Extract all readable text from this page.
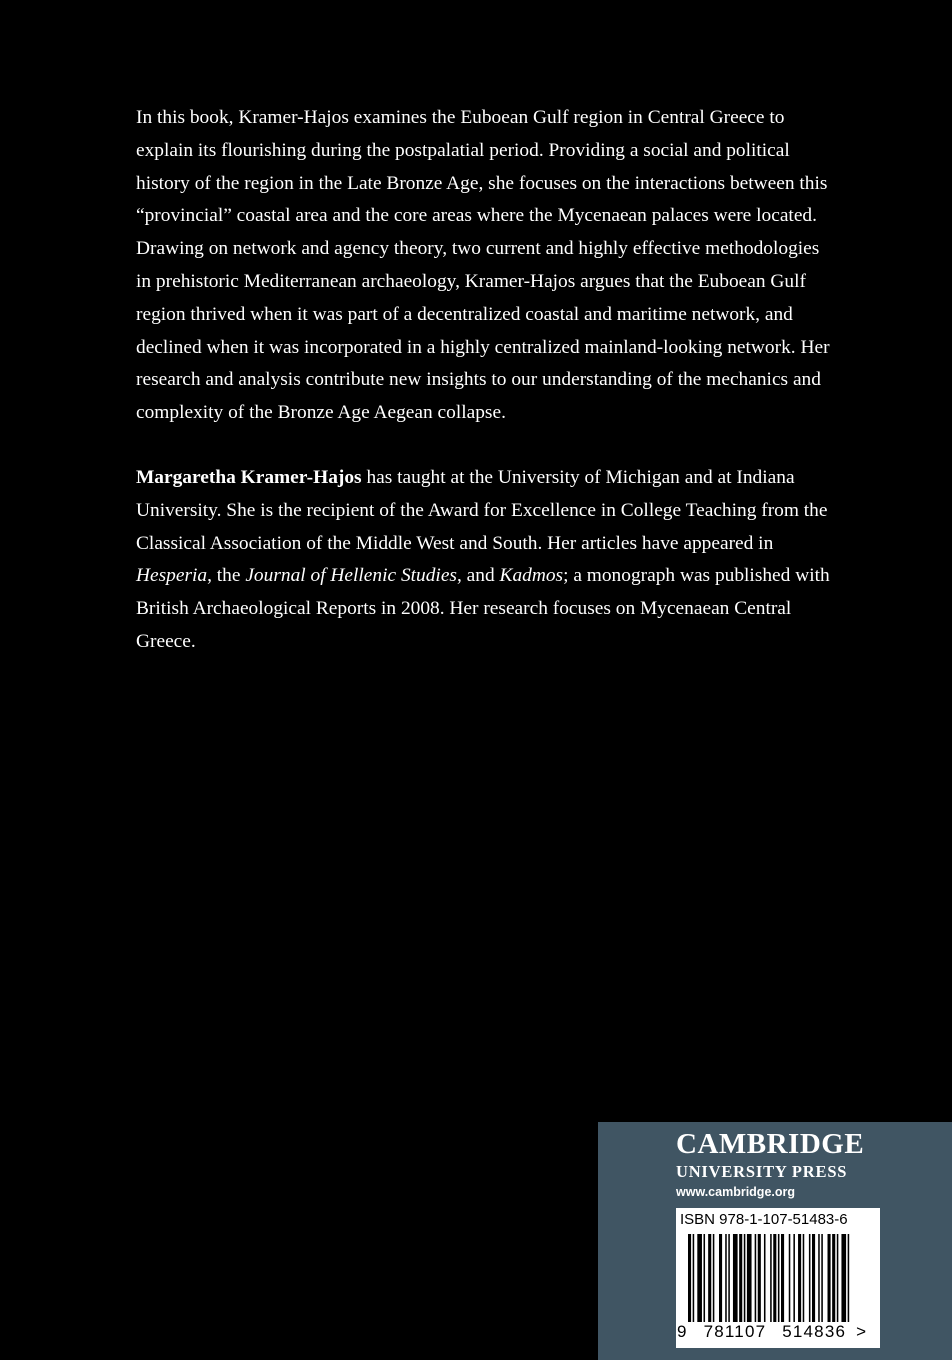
In this book, Kramer-Hajos examines the Euboean Gulf region in Central Greece to explain its flourishing during the postpalatial period. Providing a social and political history of the region in the Late Bronze Age, she focuses on the interactions between this “provincial” coastal area and the core areas where the Mycenaean palaces were located. Drawing on network and agency theory, two current and highly effective methodologies in prehistoric Mediterranean archaeology, Kramer-Hajos argues that the Euboean Gulf region thrived when it was part of a decentralized coastal and maritime network, and declined when it was incorporated in a highly centralized mainland-looking network. Her research and analysis contribute new insights to our understanding of the mechanics and complexity of the Bronze Age Aegean collapse.

Margaretha Kramer-Hajos has taught at the University of Michigan and at Indiana University. She is the recipient of the Award for Excellence in College Teaching from the Classical Association of the Middle West and South. Her articles have appeared in Hesperia, the Journal of Hellenic Studies, and Kadmos; a monograph was published with British Archaeological Reports in 2008. Her research focuses on Mycenaean Central Greece.

CAMBRIDGE
UNIVERSITY PRESS
www.cambridge.org
ISBN 978-1-107-51483-6
9 781107 514836 >
